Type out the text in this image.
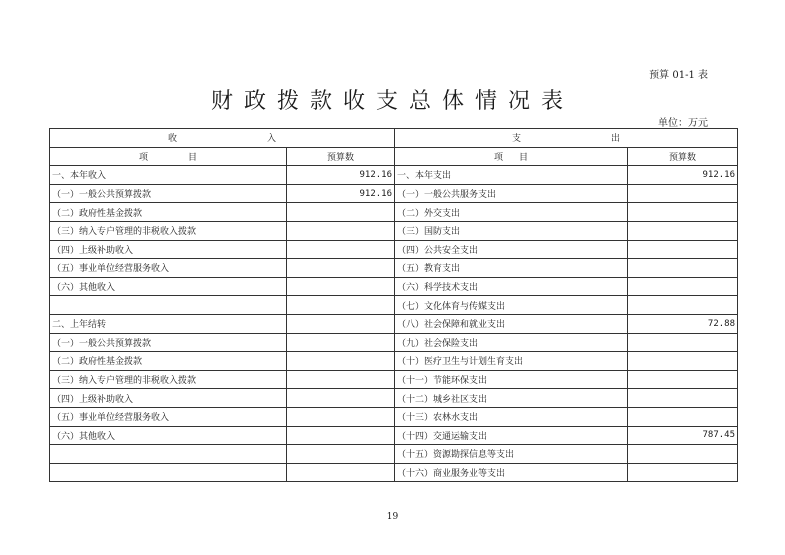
预算 01-1 表
财政拨款收支总体情况表
单位：万元
收 入		支 出	
项 目	预算数	项 目	预算数
一、本年收入	912.16	一、本年支出	912.16
（一）一般公共预算拨款	912.16	（一）一般公共服务支出	
（二）政府性基金拨款		（二）外交支出	
（三）纳入专户管理的非税收入拨款		（三）国防支出	
（四）上级补助收入		（四）公共安全支出	
（五）事业单位经营服务收入		（五）教育支出	
（六）其他收入		（六）科学技术支出	
		（七）文化体育与传媒支出	
二、上年结转		（八）社会保障和就业支出	72.88
（一）一般公共预算拨款		（九）社会保险支出	
（二）政府性基金拨款		（十）医疗卫生与计划生育支出	
（三）纳入专户管理的非税收入拨款		（十一）节能环保支出	
（四）上级补助收入		（十二）城乡社区支出	
（五）事业单位经营服务收入		（十三）农林水支出	
（六）其他收入		（十四）交通运输支出	787.45
		（十五）资源勘探信息等支出	
		（十六）商业服务业等支出	
19
